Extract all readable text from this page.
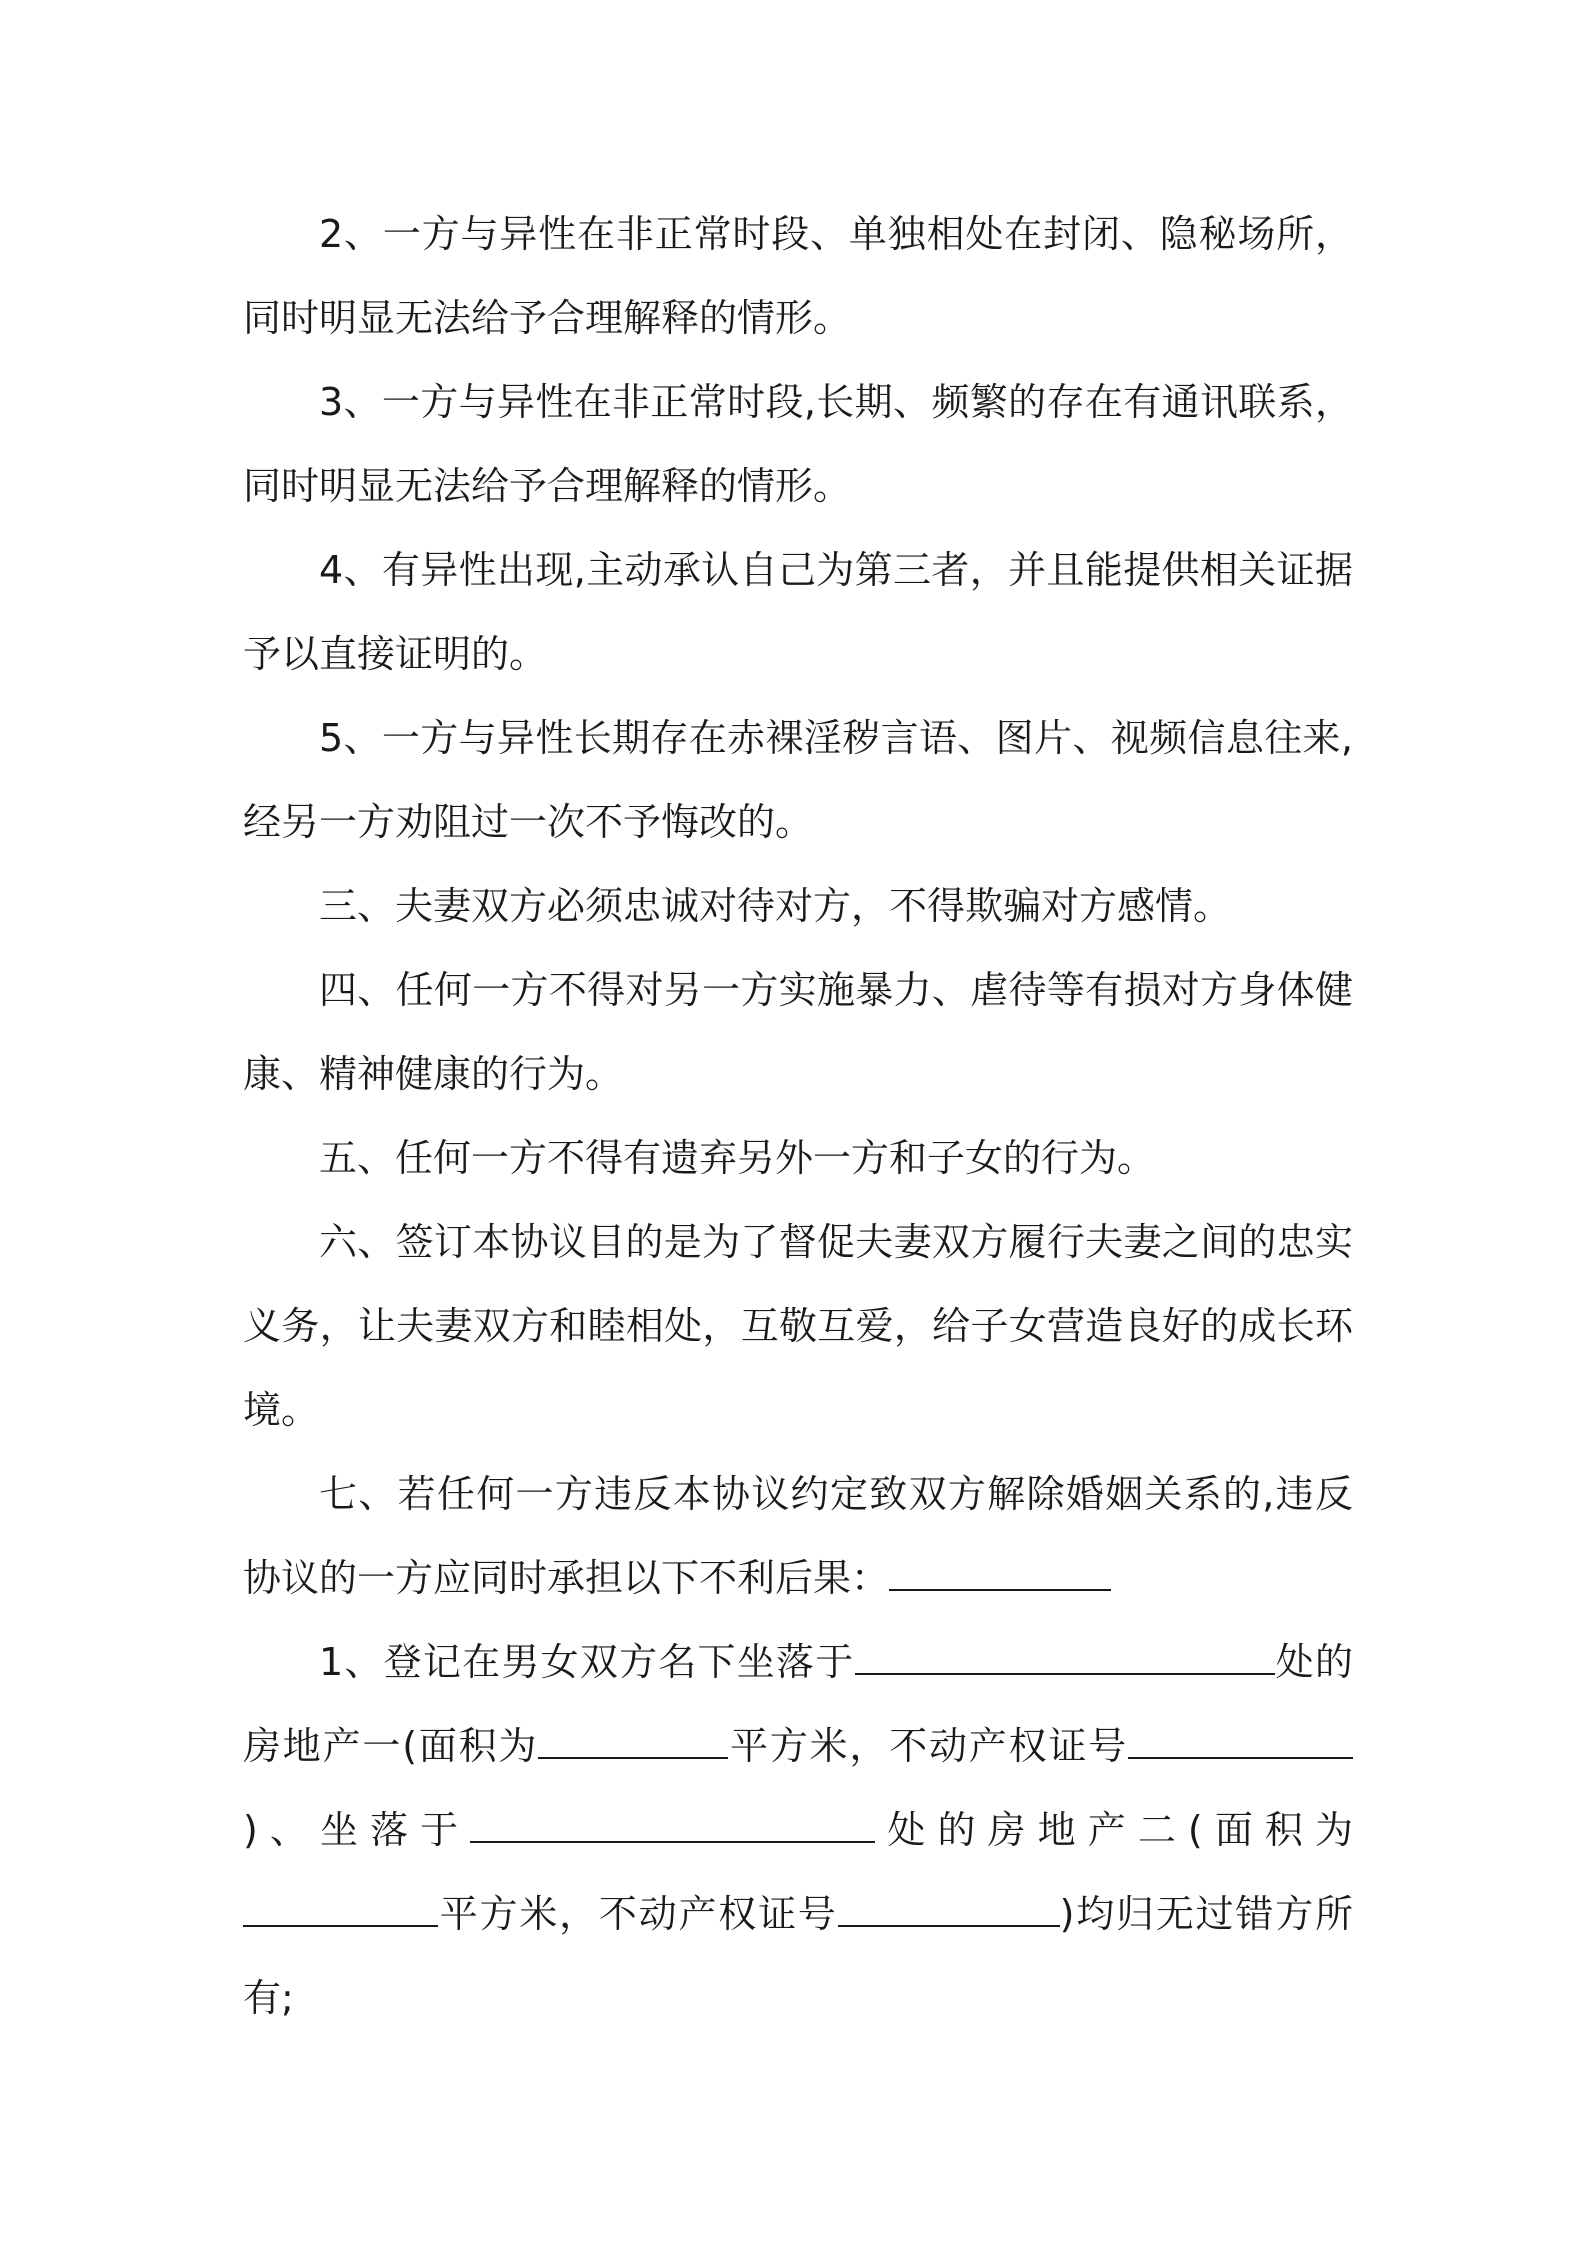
2、一方与异性在非正常时段、单独相处在封闭、隐秘场所，同时明显无法给予合理解释的情形。

3、一方与异性在非正常时段,长期、频繁的存在有通讯联系，同时明显无法给予合理解释的情形。

4、有异性出现,主动承认自己为第三者，并且能提供相关证据予以直接证明的。

5、一方与异性长期存在赤裸淫秽言语、图片、视频信息往来,经另一方劝阻过一次不予悔改的。

三、夫妻双方必须忠诚对待对方，不得欺骗对方感情。

四、任何一方不得对另一方实施暴力、虐待等有损对方身体健康、精神健康的行为。

五、任何一方不得有遗弃另外一方和子女的行为。

六、签订本协议目的是为了督促夫妻双方履行夫妻之间的忠实义务，让夫妻双方和睦相处，互敬互爱，给子女营造良好的成长环境。

七、若任何一方违反本协议约定致双方解除婚姻关系的,违反协议的一方应同时承担以下不利后果：

1、登记在男女双方名下坐落于	处的房地产一(面积为	平方米，不动产权证号)、坐落于	处的房地产二(面积为平方米，不动产权证号	)均归无过错方所有;
